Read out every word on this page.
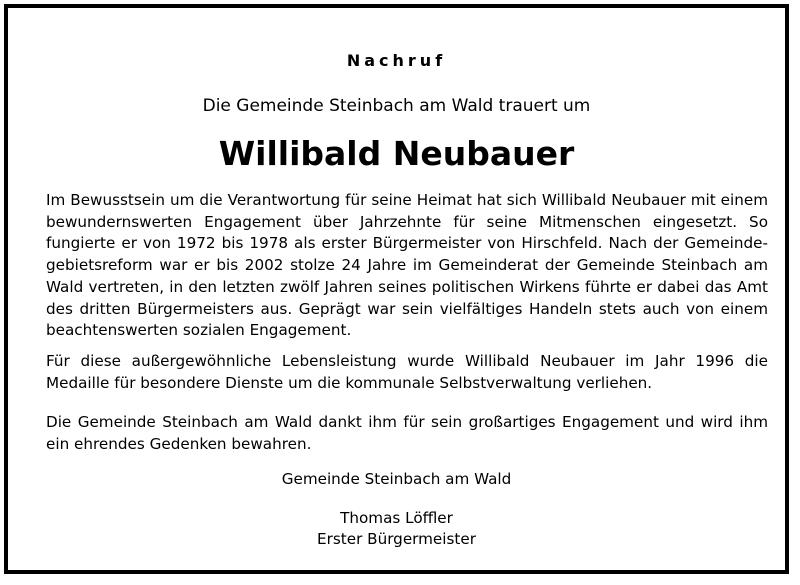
Nachruf
Die Gemeinde Steinbach am Wald trauert um
Willibald Neubauer

Im Bewusstsein um die Verantwortung für seine Heimat hat sich Willibald Neubauer mit einem bewundernswerten Engagement über Jahrzehnte für seine Mitmenschen eingesetzt. So fungierte er von 1972 bis 1978 als erster Bürgermeister von Hirschfeld. Nach der Gemeindegebietsreform war er bis 2002 stolze 24 Jahre im Gemeinderat der Gemeinde Steinbach am Wald vertreten, in den letzten zwölf Jahren seines politischen Wirkens führte er dabei das Amt des dritten Bürgermeisters aus. Geprägt war sein vielfältiges Handeln stets auch von einem beachtenswerten sozialen Engagement.

Für diese außergewöhnliche Lebensleistung wurde Willibald Neubauer im Jahr 1996 die Medaille für besondere Dienste um die kommunale Selbstverwaltung verliehen.

Die Gemeinde Steinbach am Wald dankt ihm für sein großartiges Engagement und wird ihm ein ehrendes Gedenken bewahren.

Gemeinde Steinbach am Wald
Thomas Löffler
Erster Bürgermeister
